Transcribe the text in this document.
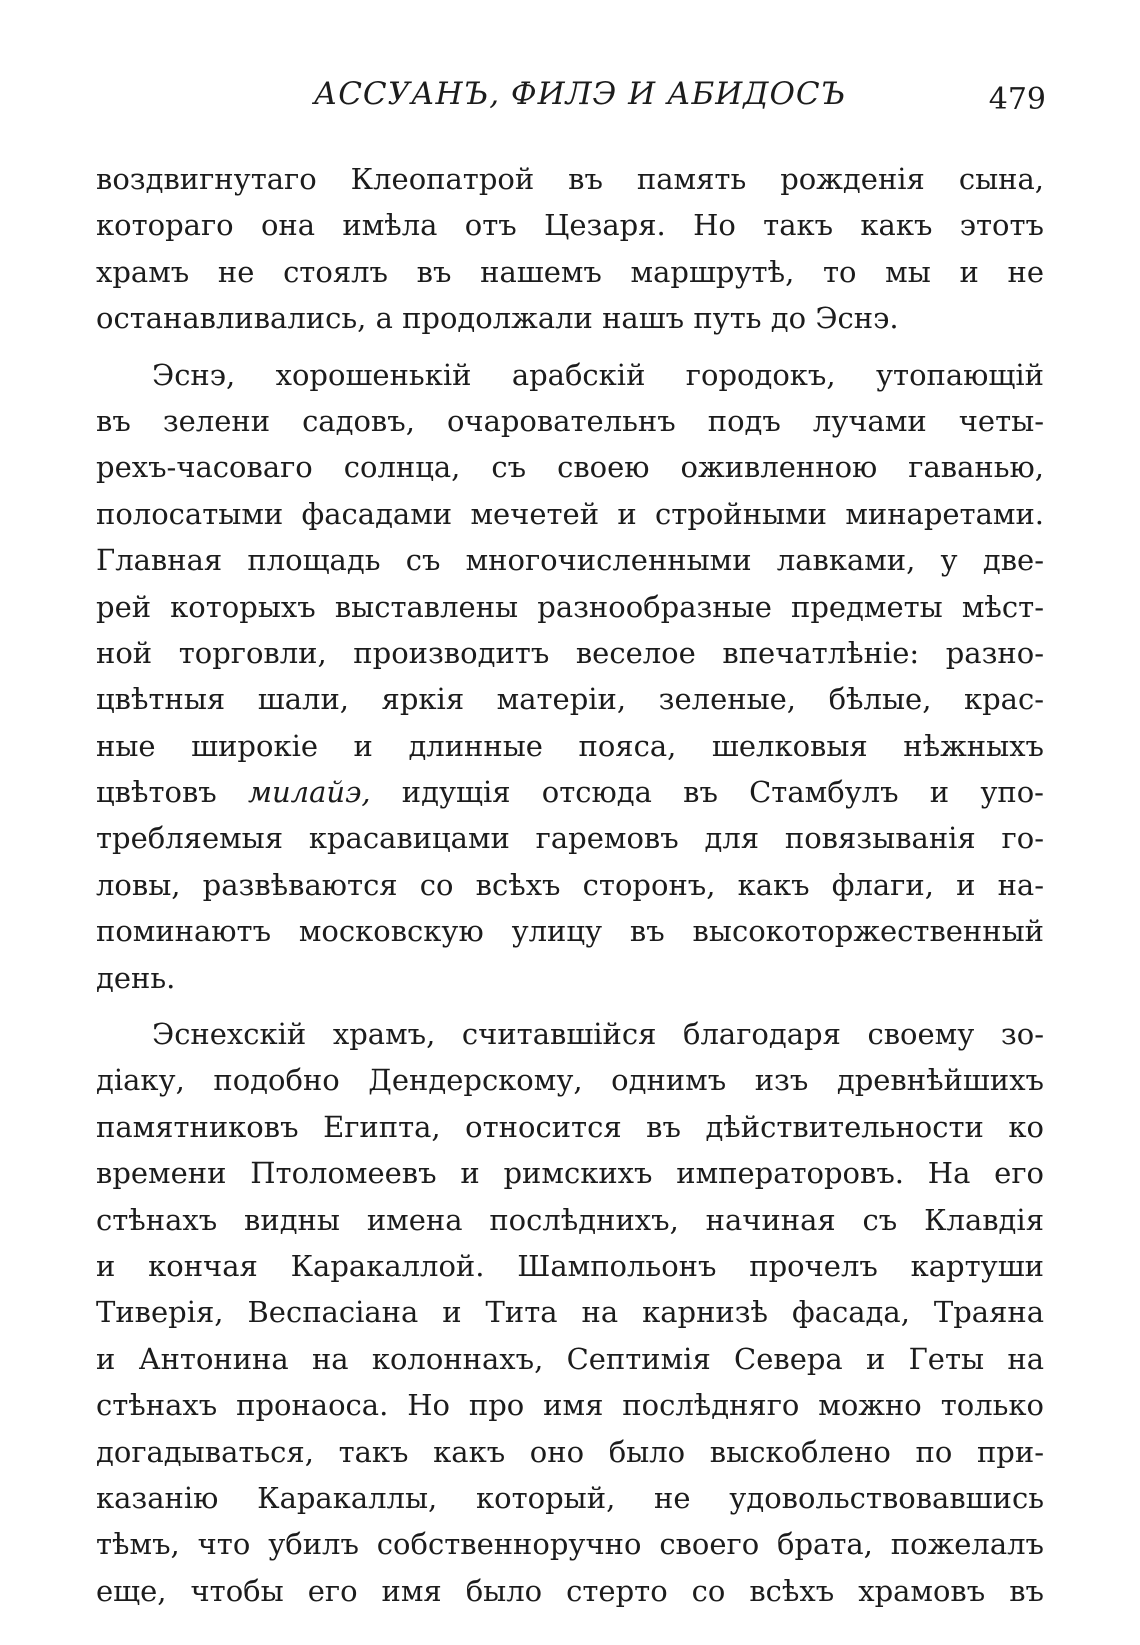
АССУАНЪ, ФИЛЭ И АБИДОСЪ	479
воздвигнутаго Клеопатрой въ память рожденія сына,
котораго она имѣла отъ Цезаря. Но такъ какъ этотъ
храмъ не стоялъ въ нашемъ маршрутѣ, то мы и не
останавливались, а продолжали нашъ путь до Эснэ.
Эснэ, хорошенькій арабскій городокъ, утопающій
въ зелени садовъ, очаровательнъ подъ лучами четы-
рехъ-часоваго солнца, съ своею оживленною гаванью,
полосатыми фасадами мечетей и стройными минаретами.
Главная площадь съ многочисленными лавками, у две-
рей которыхъ выставлены разнообразные предметы мѣст-
ной торговли, производитъ веселое впечатлѣніе: разно-
цвѣтныя шали, яркія матеріи, зеленые, бѣлые, крас-
ные широкіе и длинные пояса, шелковыя нѣжныхъ
цвѣтовъ милайэ, идущія отсюда въ Стамбулъ и упо-
требляемыя красавицами гаремовъ для повязыванія го-
ловы, развѣваются со всѣхъ сторонъ, какъ флаги, и на-
поминаютъ московскую улицу въ высокоторжественный
день.
Эснехскій храмъ, считавшійся благодаря своему зо-
діаку, подобно Дендерскому, однимъ изъ древнѣйшихъ
памятниковъ Египта, относится въ дѣйствительности ко
времени Птоломеевъ и римскихъ императоровъ. На его
стѣнахъ видны имена послѣднихъ, начиная съ Клавдія
и кончая Каракаллой. Шампольонъ прочелъ картуши
Тиверія, Веспасіана и Тита на карнизѣ фасада, Траяна
и Антонина на колоннахъ, Септимія Севера и Геты на
стѣнахъ пронаоса. Но про имя послѣдняго можно только
догадываться, такъ какъ оно было выскоблено по при-
казанію Каракаллы, который, не удовольствовавшись
тѣмъ, что убилъ собственноручно своего брата, пожелалъ
еще, чтобы его имя было стерто со всѣхъ храмовъ въ
